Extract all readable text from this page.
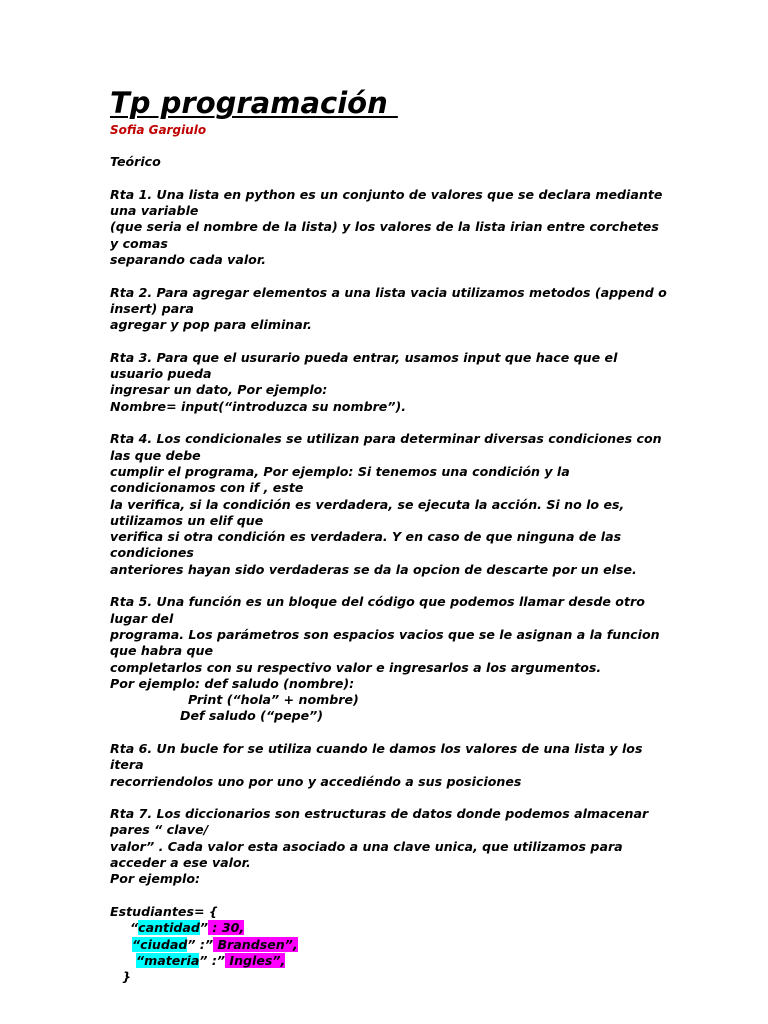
Tp programación
Sofia Gargiulo

Teórico

Rta 1. Una lista en python es un conjunto de valores que se declara mediante una variable

(que seria el nombre de la lista) y los valores de la lista irian entre corchetes y comas

separando cada valor.

Rta 2. Para agregar elementos a una lista vacia utilizamos metodos (append o insert) para

agregar y pop para eliminar.

Rta 3. Para que el usurario pueda entrar, usamos input que hace que el usuario pueda

ingresar un dato, Por ejemplo:

Nombre= input(“introduzca su nombre”).

Rta 4. Los condicionales se utilizan para determinar diversas condiciones con las que debe

cumplir el programa, Por ejemplo: Si tenemos una condición y la condicionamos con if , este

la verifica, si la condición es verdadera, se ejecuta la acción. Si no lo es, utilizamos un elif que

verifica si otra condición es verdadera. Y en caso de que ninguna de las condiciones

anteriores hayan sido verdaderas se da la opcion de descarte por un else.

Rta 5. Una función es un bloque del código que podemos llamar desde otro lugar del

programa. Los parámetros son espacios vacios que se le asignan a la funcion que habra que

completarlos con su respectivo valor e ingresarlos a los argumentos.

Por ejemplo: def saludo (nombre):

Print (“hola” + nombre)

Def saludo (“pepe”)

Rta 6. Un bucle for se utiliza cuando le damos los valores de una lista y los itera

recorriendolos uno por uno y accediéndo a sus posiciones

Rta 7. Los diccionarios son estructuras de datos donde podemos almacenar pares “ clave/

valor” . Cada valor esta asociado a una clave unica, que utilizamos para acceder a ese valor.

Por ejemplo:

Estudiantes= {

“cantidad” : 30,

“ciudad” :” Brandsen”,

“materia” :” Ingles”,

}
